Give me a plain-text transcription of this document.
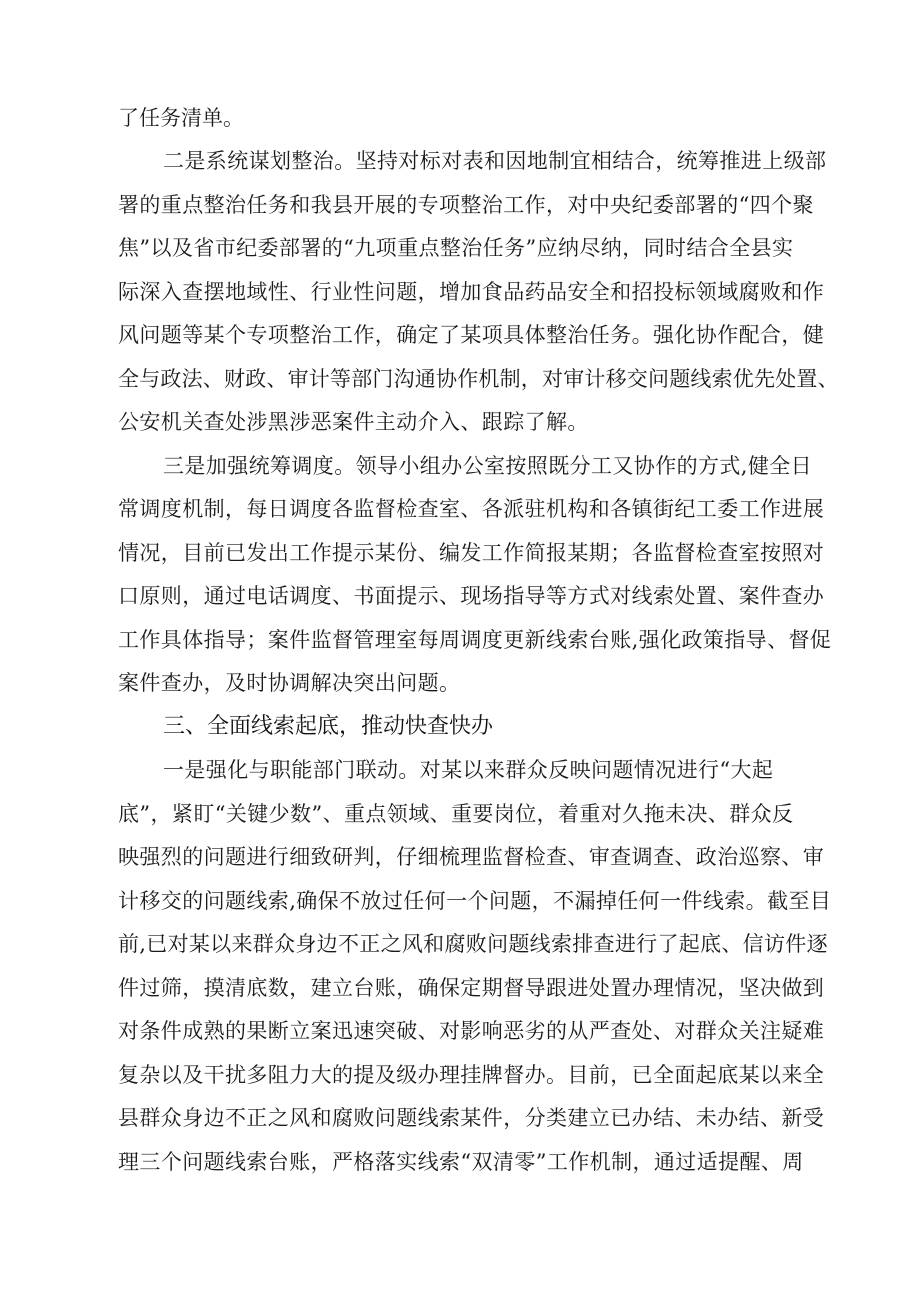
了任务清单。
二是系统谋划整治。坚持对标对表和因地制宜相结合，统筹推进上级部
署的重点整治任务和我县开展的专项整治工作，对中央纪委部署的“四个聚
焦”以及省市纪委部署的“九项重点整治任务”应纳尽纳，同时结合全县实
际深入查摆地域性、行业性问题，增加食品药品安全和招投标领域腐败和作
风问题等某个专项整治工作，确定了某项具体整治任务。强化协作配合，健
全与政法、财政、审计等部门沟通协作机制，对审计移交问题线索优先处置、
公安机关查处涉黑涉恶案件主动介入、跟踪了解。
三是加强统筹调度。领导小组办公室按照既分工又协作的方式,健全日
常调度机制，每日调度各监督检查室、各派驻机构和各镇街纪工委工作进展
情况，目前已发出工作提示某份、编发工作简报某期；各监督检查室按照对
口原则，通过电话调度、书面提示、现场指导等方式对线索处置、案件查办
工作具体指导；案件监督管理室每周调度更新线索台账,强化政策指导、督促
案件查办，及时协调解决突出问题。
三、全面线索起底，推动快查快办
一是强化与职能部门联动。对某以来群众反映问题情况进行“大起
底”，紧盯“关键少数”、重点领域、重要岗位，着重对久拖未决、群众反
映强烈的问题进行细致研判，仔细梳理监督检查、审查调查、政治巡察、审
计移交的问题线索,确保不放过任何一个问题，不漏掉任何一件线索。截至目
前,已对某以来群众身边不正之风和腐败问题线索排查进行了起底、信访件逐
件过筛，摸清底数，建立台账，确保定期督导跟进处置办理情况，坚决做到
对条件成熟的果断立案迅速突破、对影响恶劣的从严查处、对群众关注疑难
复杂以及干扰多阻力大的提及级办理挂牌督办。目前，已全面起底某以来全
县群众身边不正之风和腐败问题线索某件，分类建立已办结、未办结、新受
理三个问题线索台账，严格落实线索“双清零”工作机制，通过适提醒、周
